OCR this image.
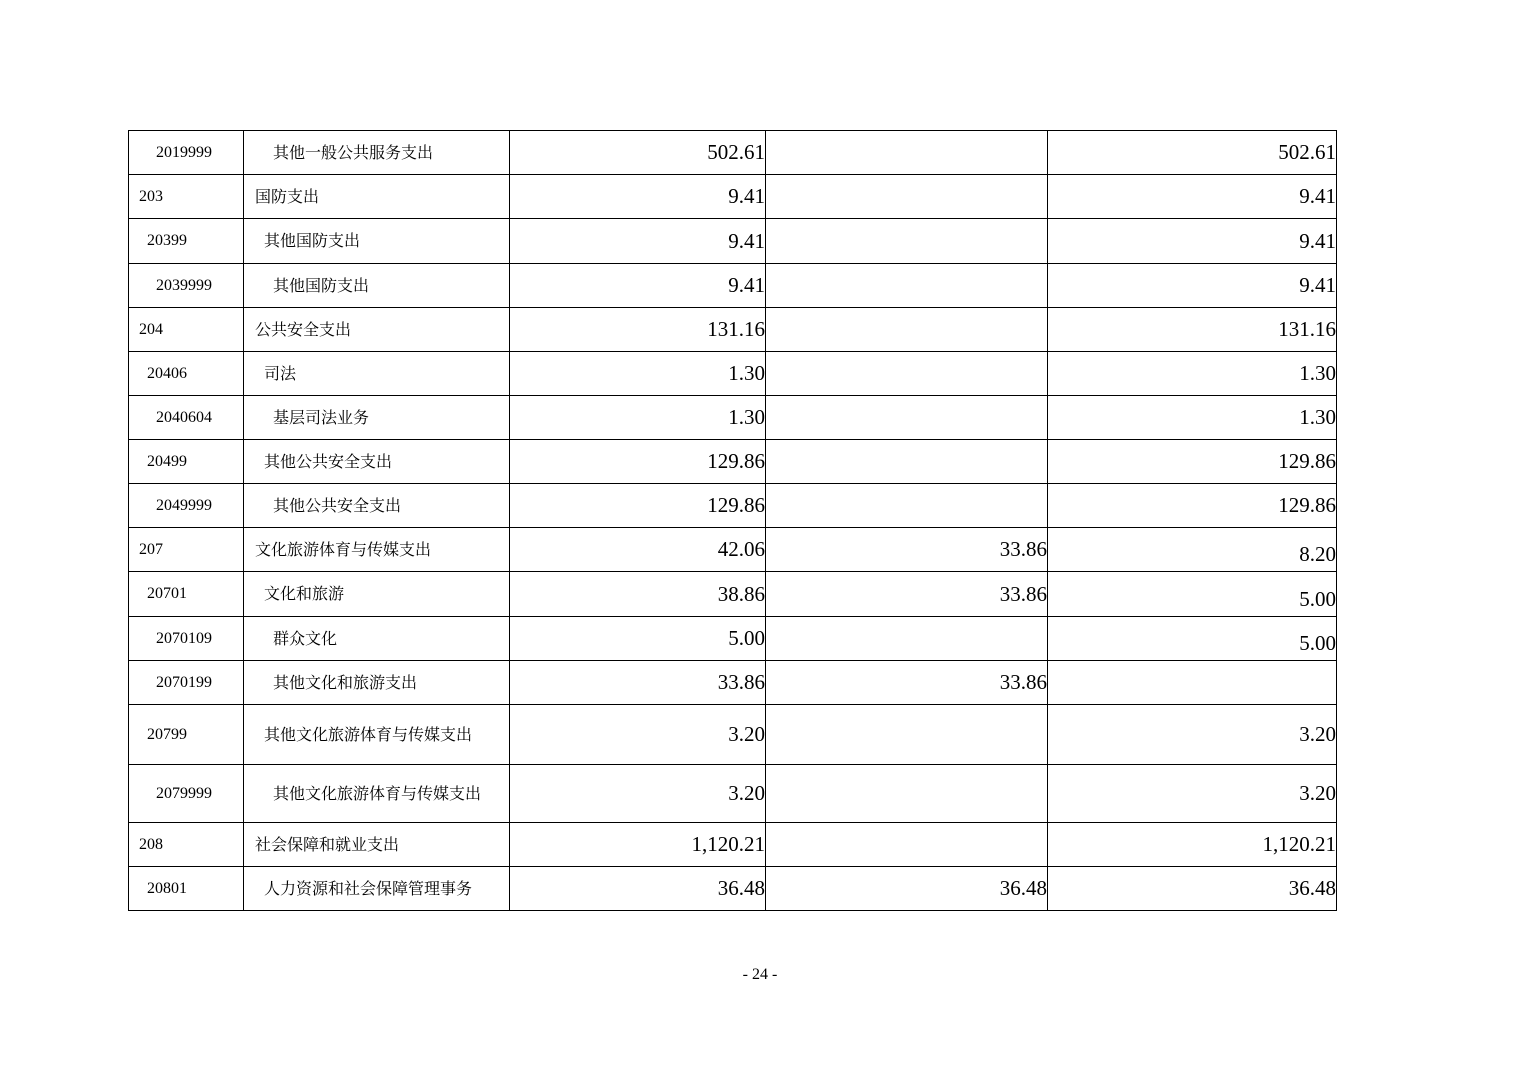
2019999	其他一般公共服务支出	502.61		502.61
203	国防支出	9.41		9.41
20399	其他国防支出	9.41		9.41
2039999	其他国防支出	9.41		9.41
204	公共安全支出	131.16		131.16
20406	司法	1.30		1.30
2040604	基层司法业务	1.30		1.30
20499	其他公共安全支出	129.86		129.86
2049999	其他公共安全支出	129.86		129.86
207	文化旅游体育与传媒支出	42.06	33.86	8.20
20701	文化和旅游	38.86	33.86	5.00
2070109	群众文化	5.00		5.00
2070199	其他文化和旅游支出	33.86	33.86	
20799	其他文化旅游体育与传媒支出	3.20		3.20
2079999	其他文化旅游体育与传媒支出	3.20		3.20
208	社会保障和就业支出	1,120.21		1,120.21
20801	人力资源和社会保障管理事务	36.48	36.48	36.48
- 24 -
